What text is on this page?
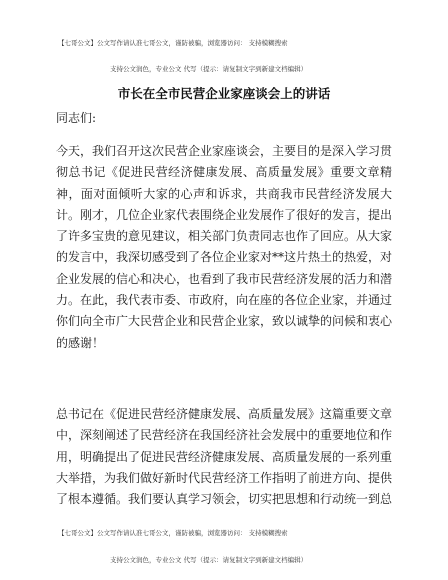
【七哥公文】公文写作请认准七哥公文，谨防被骗，浏览器访问： 支持模糊搜索
支持公文润色，专业公文 代写（提示：请复制文字到新建文档编辑）
市长在全市民营企业家座谈会上的讲话
同志们:
今天，我们召开这次民营企业家座谈会，主要目的是深入学习贯彻总书记《促进民营经济健康发展、高质量发展》重要文章精神，面对面倾听大家的心声和诉求，共商我市民营经济发展大计。刚才，几位企业家代表围绕企业发展作了很好的发言，提出了许多宝贵的意见建议，相关部门负责同志也作了回应。从大家的发言中，我深切感受到了各位企业家对**这片热土的热爱，对企业发展的信心和决心，也看到了我市民营经济发展的活力和潜力。在此，我代表市委、市政府，向在座的各位企业家，并通过你们向全市广大民营企业和民营企业家，致以诚挚的问候和衷心的感谢！
总书记在《促进民营经济健康发展、高质量发展》这篇重要文章中，深刻阐述了民营经济在我国经济社会发展中的重要地位和作用，明确提出了促进民营经济健康发展、高质量发展的一系列重大举措，为我们做好新时代民营经济工作指明了前进方向、提供了根本遵循。我们要认真学习领会，切实把思想和行动统一到总
【七哥公文】公文写作请认准七哥公文，谨防被骗，浏览器访问： 支持模糊搜索
支持公文润色，专业公文 代写（提示：请复制文字到新建文档编辑）
